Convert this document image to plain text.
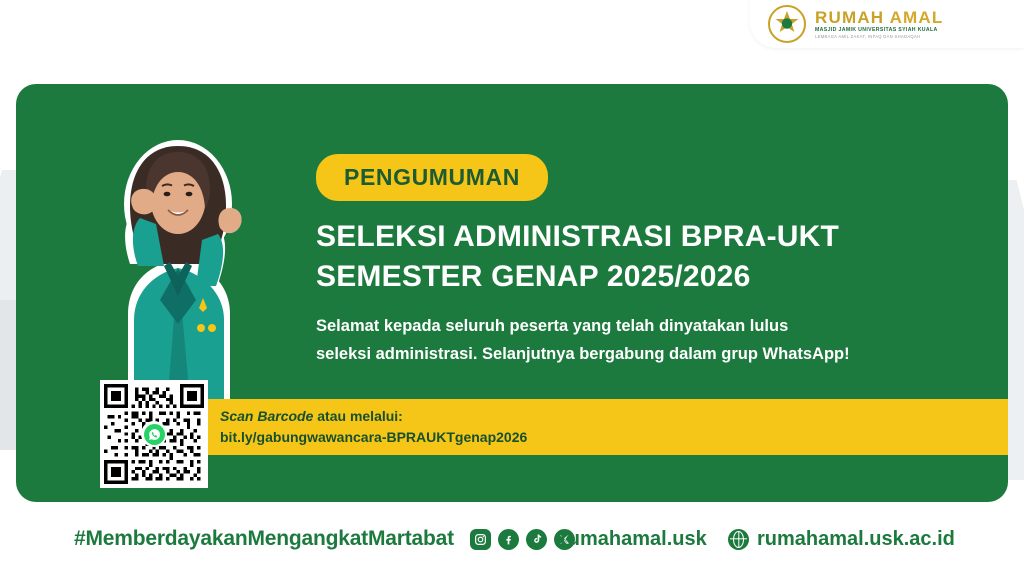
RUMAH AMAL
MASJID JAMIK UNIVERSITAS SYIAH KUALA
LEMBAGA AMIL ZAKAT, INFAQ DAN SHADAQAH
PENGUMUMAN
SELEKSI ADMINISTRASI BPRA-UKT
SEMESTER GENAP 2025/2026
Selamat kepada seluruh peserta yang telah dinyatakan lulus
seleksi administrasi. Selanjutnya bergabung dalam grup WhatsApp!
Scan Barcode atau melalui:
bit.ly/gabungwawancara-BPRAUKTgenap2026
#MemberdayakanMengangkatMartabat	rumahamal.usk	rumahamal.usk.ac.id
